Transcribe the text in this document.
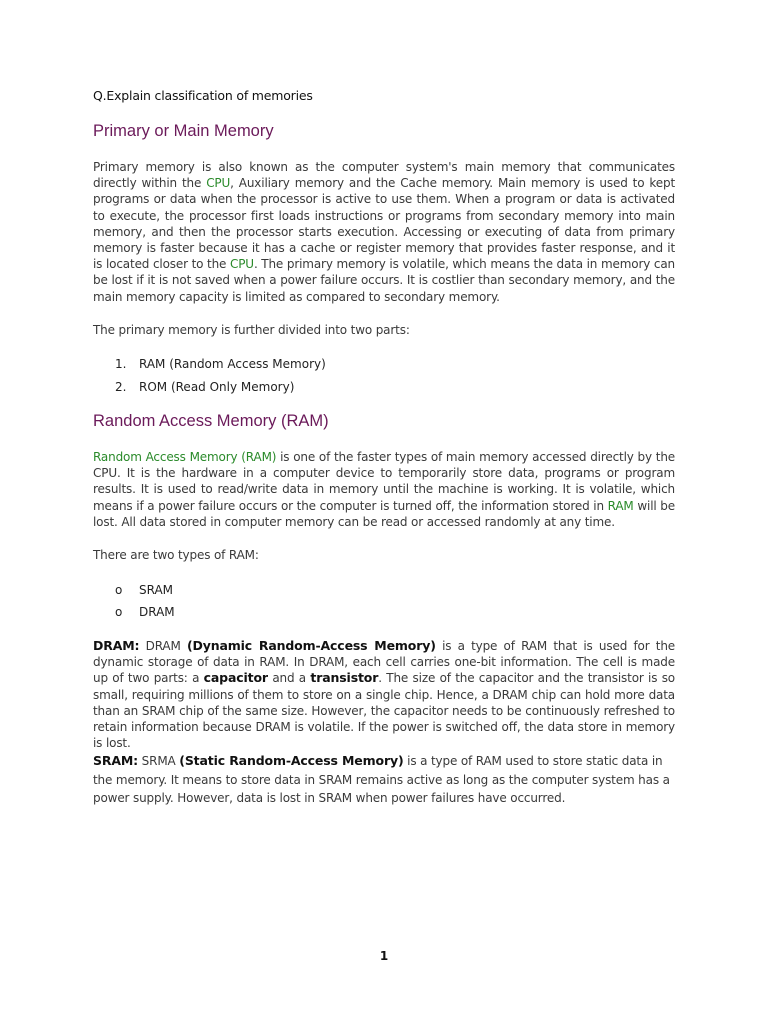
Q.Explain classification of memories
Primary or Main Memory
Primary memory is also known as the computer system's main memory that communicates directly within the CPU, Auxiliary memory and the Cache memory. Main memory is used to kept programs or data when the processor is active to use them. When a program or data is activated to execute, the processor first loads instructions or programs from secondary memory into main memory, and then the processor starts execution. Accessing or executing of data from primary memory is faster because it has a cache or register memory that provides faster response, and it is located closer to the CPU. The primary memory is volatile, which means the data in memory can be lost if it is not saved when a power failure occurs. It is costlier than secondary memory, and the main memory capacity is limited as compared to secondary memory.
The primary memory is further divided into two parts:
1. RAM (Random Access Memory)
2. ROM (Read Only Memory)
Random Access Memory (RAM)
Random Access Memory (RAM) is one of the faster types of main memory accessed directly by the CPU. It is the hardware in a computer device to temporarily store data, programs or program results. It is used to read/write data in memory until the machine is working. It is volatile, which means if a power failure occurs or the computer is turned off, the information stored in RAM will be lost. All data stored in computer memory can be read or accessed randomly at any time.
There are two types of RAM:
o SRAM
o DRAM
DRAM: DRAM (Dynamic Random-Access Memory) is a type of RAM that is used for the dynamic storage of data in RAM. In DRAM, each cell carries one-bit information. The cell is made up of two parts: a capacitor and a transistor. The size of the capacitor and the transistor is so small, requiring millions of them to store on a single chip. Hence, a DRAM chip can hold more data than an SRAM chip of the same size. However, the capacitor needs to be continuously refreshed to retain information because DRAM is volatile. If the power is switched off, the data store in memory is lost.
SRAM: SRMA (Static Random-Access Memory) is a type of RAM used to store static data in the memory. It means to store data in SRAM remains active as long as the computer system has a power supply. However, data is lost in SRAM when power failures have occurred.
1
